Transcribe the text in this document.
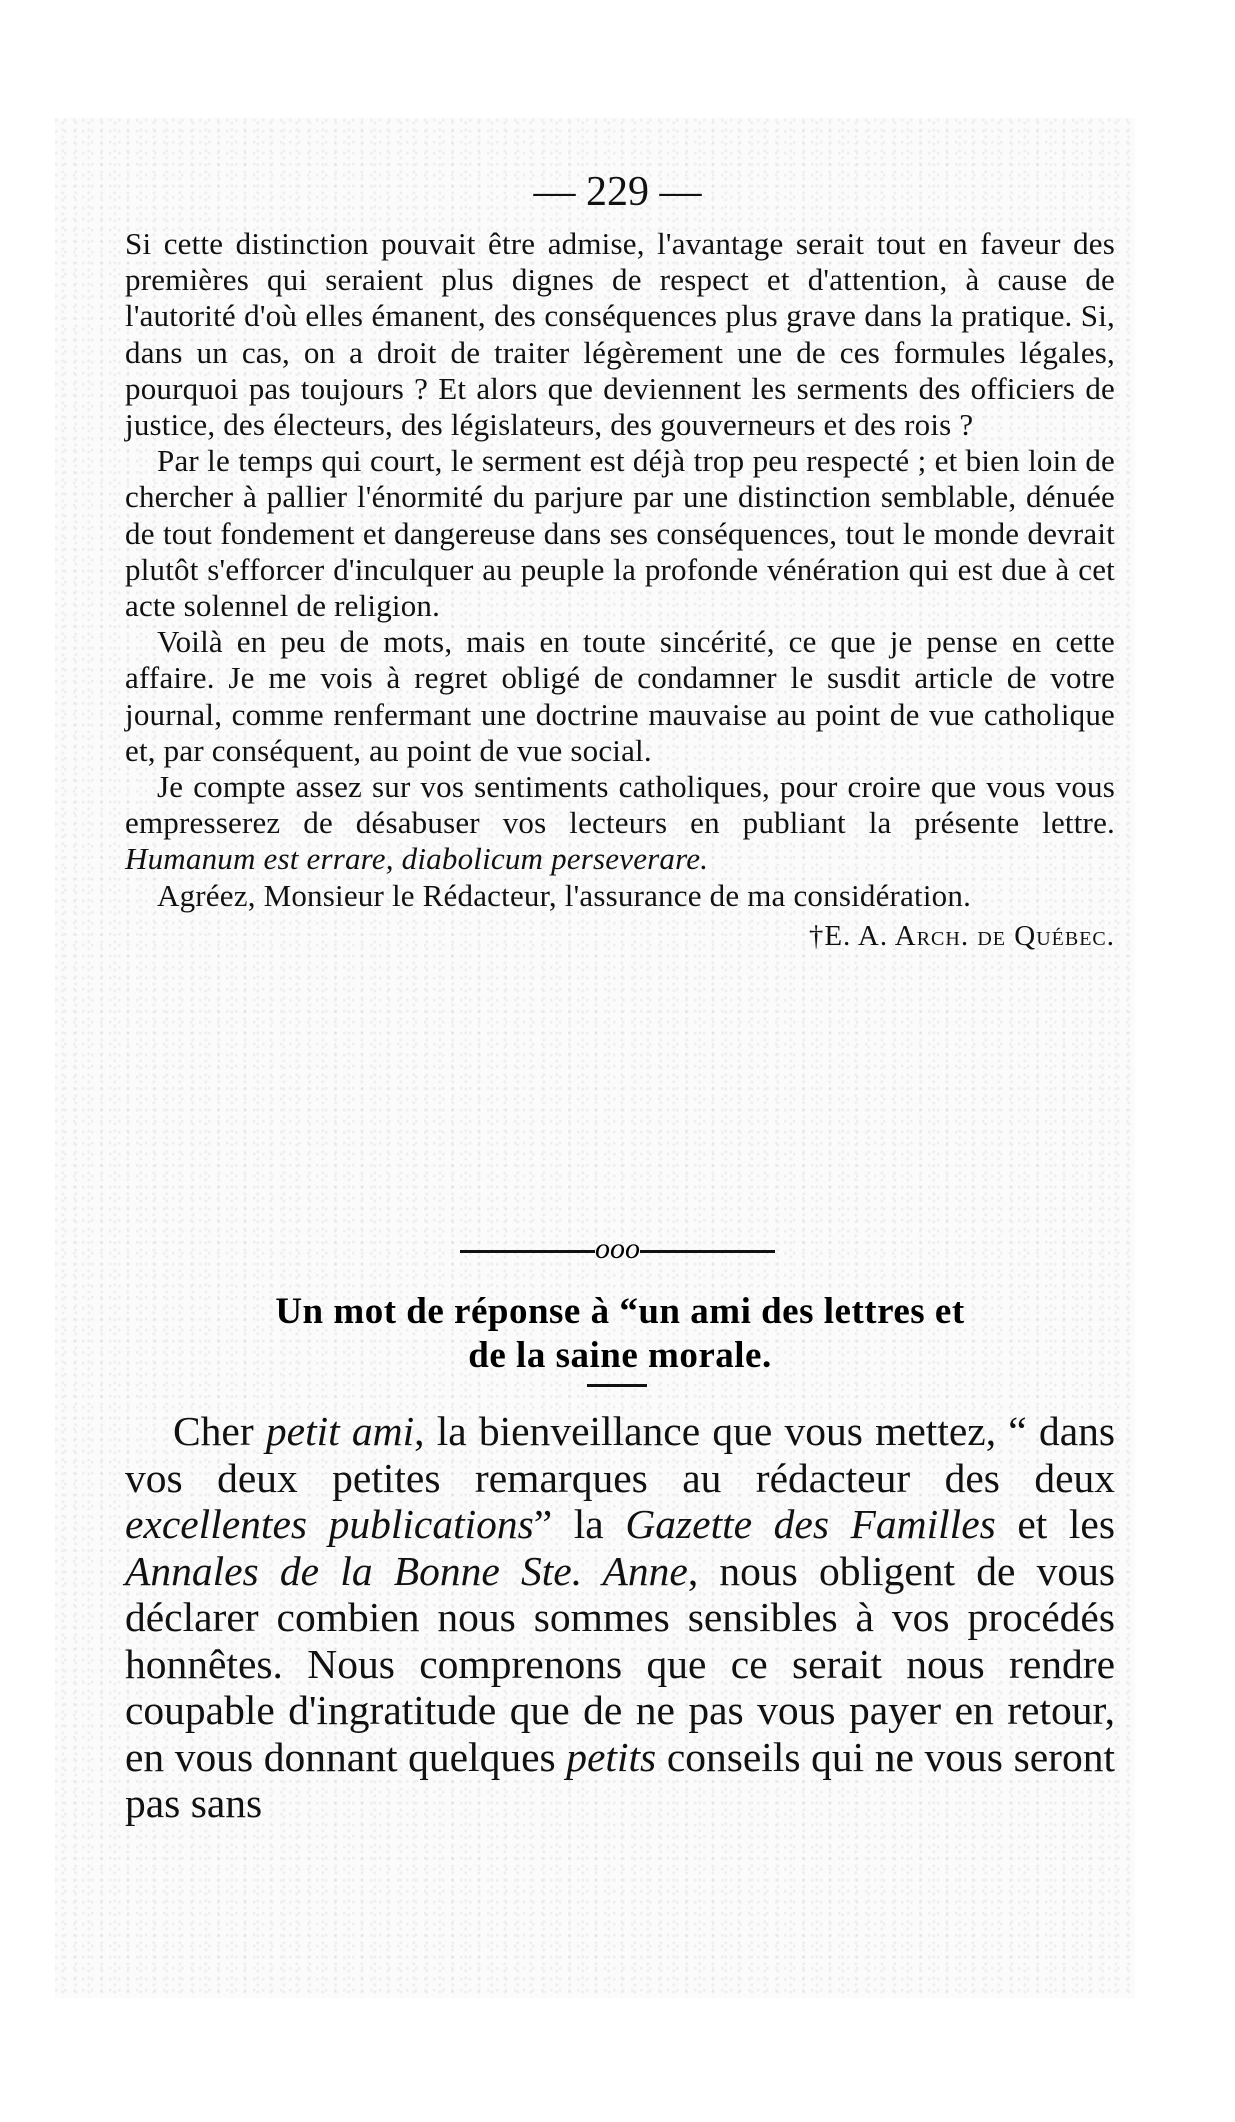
— 229 —

Si cette distinction pouvait être admise, l'avantage serait tout en faveur des premières qui seraient plus dignes de respect et d'attention, à cause de l'autorité d'où elles émanent, des conséquences plus grave dans la pratique. Si, dans un cas, on a droit de traiter légèrement une de ces formules légales, pourquoi pas toujours ? Et alors que deviennent les serments des officiers de justice, des électeurs, des législateurs, des gouverneurs et des rois ?

Par le temps qui court, le serment est déjà trop peu respecté ; et bien loin de chercher à pallier l'énormité du parjure par une distinction semblable, dénuée de tout fondement et dangereuse dans ses conséquences, tout le monde devrait plutôt s'efforcer d'inculquer au peuple la profonde vénération qui est due à cet acte solennel de religion.

Voilà en peu de mots, mais en toute sincérité, ce que je pense en cette affaire. Je me vois à regret obligé de condamner le susdit article de votre journal, comme renfermant une doctrine mauvaise au point de vue catholique et, par conséquent, au point de vue social.

Je compte assez sur vos sentiments catholiques, pour croire que vous vous empresserez de désabuser vos lecteurs en publiant la présente lettre. Humanum est errare, diabolicum perseverare.

Agréez, Monsieur le Rédacteur, l'assurance de ma considération.

†E. A. Arch. de Québec.
ooo
Un mot de réponse à “un ami des lettres et
de la saine morale.

Cher petit ami, la bienveillance que vous mettez, “ dans vos deux petites remarques au rédacteur des deux excellentes publications” la Gazette des Familles et les Annales de la Bonne Ste. Anne, nous obligent de vous déclarer combien nous sommes sensibles à vos procédés honnêtes. Nous comprenons que ce serait nous rendre coupable d'ingratitude que de ne pas vous payer en retour, en vous donnant quelques petits conseils qui ne vous seront pas sans
